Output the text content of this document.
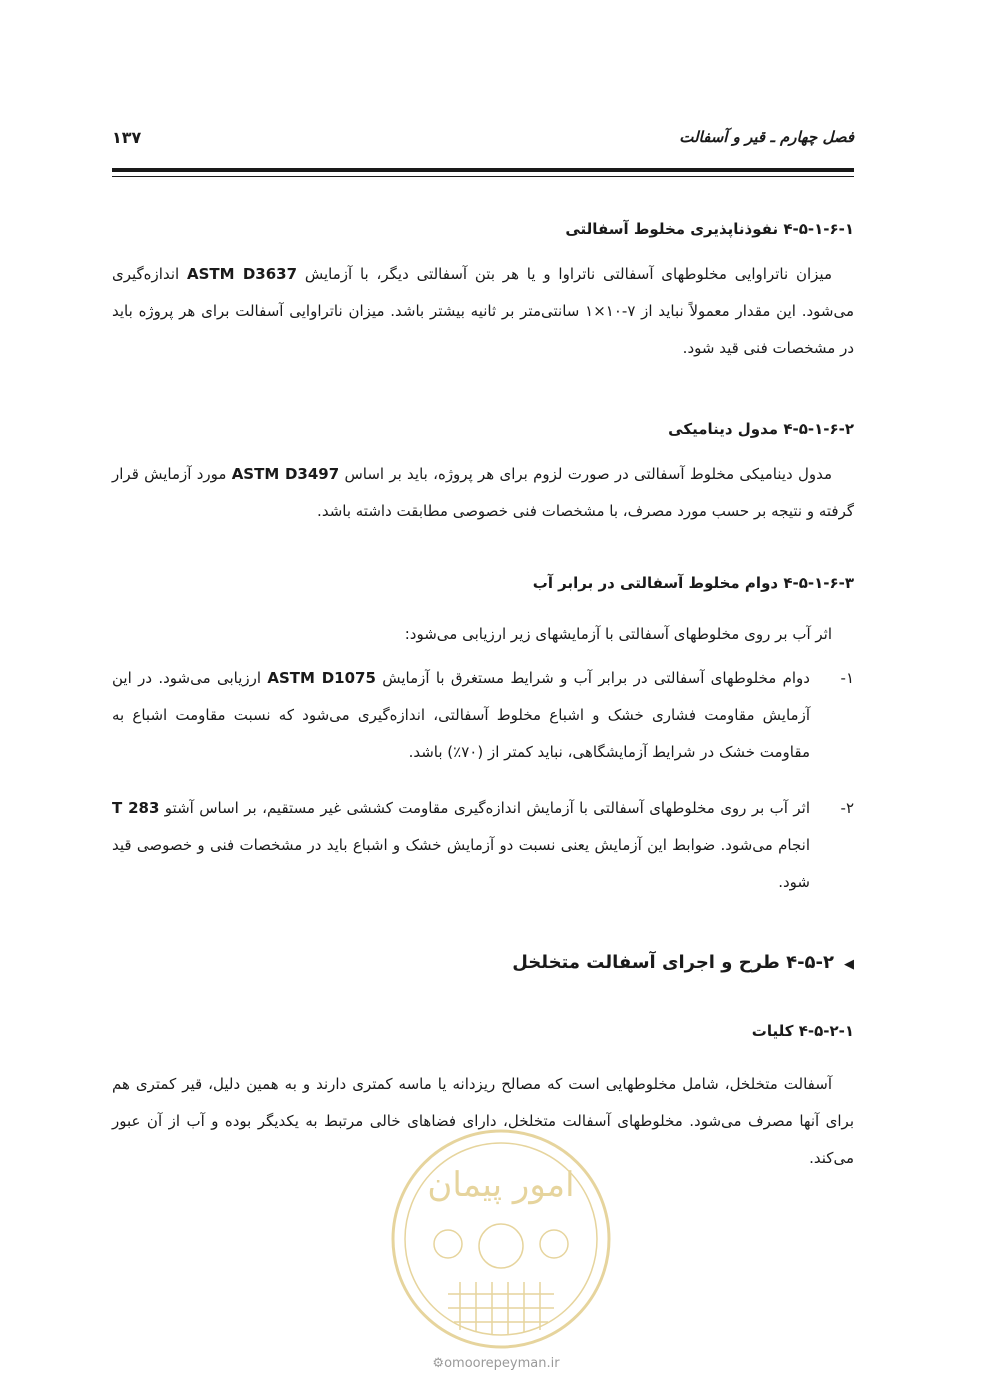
فصل چهارم ـ قیر و آسفالت
۱۳۷
۴-۵-۱-۶-۱ نفوذناپذیری مخلوط آسفالتی
میزان ناتراوایی مخلوطهای آسفالتی ناتراوا و یا هر بتن آسفالتی دیگر، با آزمایش ASTM D3637 اندازه‌گیری می‌شود. این مقدار معمولاً نباید از ۷-۱۰×۱ سانتی‌متر بر ثانیه بیشتر باشد. میزان ناتراوایی آسفالت برای هر پروژه باید در مشخصات فنی قید شود.
۴-۵-۱-۶-۲ مدول دینامیکی
مدول دینامیکی مخلوط آسفالتی در صورت لزوم برای هر پروژه، باید بر اساس ASTM D3497 مورد آزمایش قرار گرفته و نتیجه بر حسب مورد مصرف، با مشخصات فنی خصوصی مطابقت داشته باشد.
۴-۵-۱-۶-۳ دوام مخلوط آسفالتی در برابر آب
اثر آب بر روی مخلوطهای آسفالتی با آزمایشهای زیر ارزیابی می‌شود:
۱-
دوام مخلوطهای آسفالتی در برابر آب و شرایط مستغرق با آزمایش ASTM D1075 ارزیابی می‌شود. در این آزمایش مقاومت فشاری خشک و اشباع مخلوط آسفالتی، اندازه‌گیری می‌شود که نسبت مقاومت اشباع به مقاومت خشک در شرایط آزمایشگاهی، نباید کمتر از (۷۰٪) باشد.
۲-
اثر آب بر روی مخلوطهای آسفالتی با آزمایش اندازه‌گیری مقاومت کششی غیر مستقیم، بر اساس آشتو T 283 انجام می‌شود. ضوابط این آزمایش یعنی نسبت دو آزمایش خشک و اشباع باید در مشخصات فنی و خصوصی قید شود.
◀۴-۵-۲ طرح و اجرای آسفالت متخلخل
۴-۵-۲-۱ کلیات
آسفالت متخلخل، شامل مخلوطهایی است که مصالح ریزدانه یا ماسه کمتری دارند و به همین دلیل، قیر کمتری هم برای آنها مصرف می‌شود. مخلوطهای آسفالت متخلخل، دارای فضاهای خالی مرتبط به یکدیگر بوده و آب از آن عبور می‌کند.
امور پیمان
⚙omoorepeyman.ir
